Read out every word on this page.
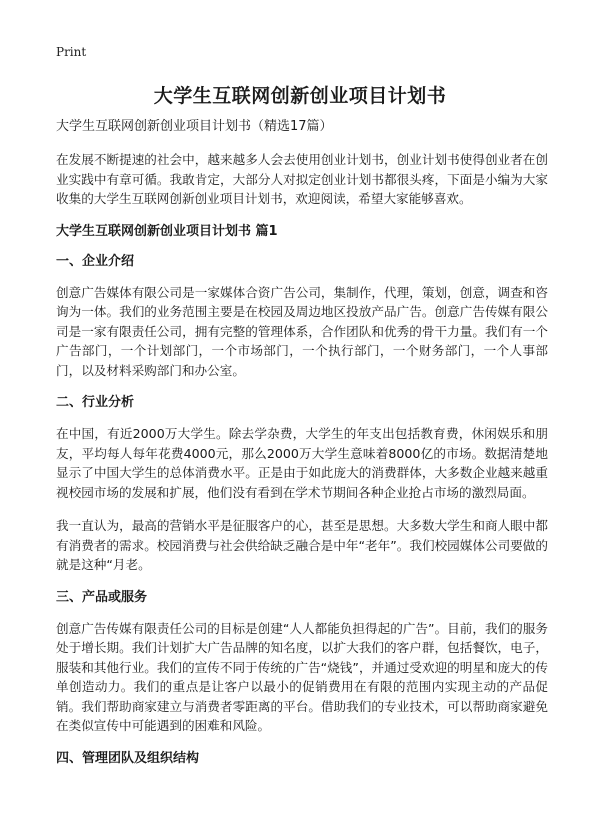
Print
大学生互联网创新创业项目计划书
大学生互联网创新创业项目计划书（精选17篇）

在发展不断提速的社会中，越来越多人会去使用创业计划书，创业计划书使得创业者在创业实践中有章可循。我敢肯定，大部分人对拟定创业计划书都很头疼，下面是小编为大家收集的大学生互联网创新创业项目计划书，欢迎阅读，希望大家能够喜欢。

大学生互联网创新创业项目计划书 篇1
一、企业介绍

创意广告媒体有限公司是一家媒体合资广告公司，集制作，代理，策划，创意，调查和咨询为一体。我们的业务范围主要是在校园及周边地区投放产品广告。创意广告传媒有限公司是一家有限责任公司，拥有完整的管理体系，合作团队和优秀的骨干力量。我们有一个广告部门，一个计划部门，一个市场部门，一个执行部门，一个财务部门，一个人事部门，以及材料采购部门和办公室。

二、行业分析

在中国，有近2000万大学生。除去学杂费，大学生的年支出包括教育费，休闲娱乐和朋友，平均每人每年花费4000元，那么2000万大学生意味着8000亿的市场。数据清楚地显示了中国大学生的总体消费水平。正是由于如此庞大的消费群体，大多数企业越来越重视校园市场的发展和扩展，他们没有看到在学术节期间各种企业抢占市场的激烈局面。

我一直认为，最高的营销水平是征服客户的心，甚至是思想。大多数大学生和商人眼中都有消费者的需求。校园消费与社会供给缺乏融合是中年“老年”。我们校园媒体公司要做的就是这种“月老。

三、产品或服务

创意广告传媒有限责任公司的目标是创建“人人都能负担得起的广告”。目前，我们的服务处于增长期。我们计划扩大广告品牌的知名度，以扩大我们的客户群，包括餐饮，电子，服装和其他行业。我们的宣传不同于传统的广告“烧钱”，并通过受欢迎的明星和庞大的传单创造动力。我们的重点是让客户以最小的促销费用在有限的范围内实现主动的产品促销。我们帮助商家建立与消费者零距离的平台。借助我们的专业技术，可以帮助商家避免在类似宣传中可能遇到的困难和风险。

四、管理团队及组织结构
